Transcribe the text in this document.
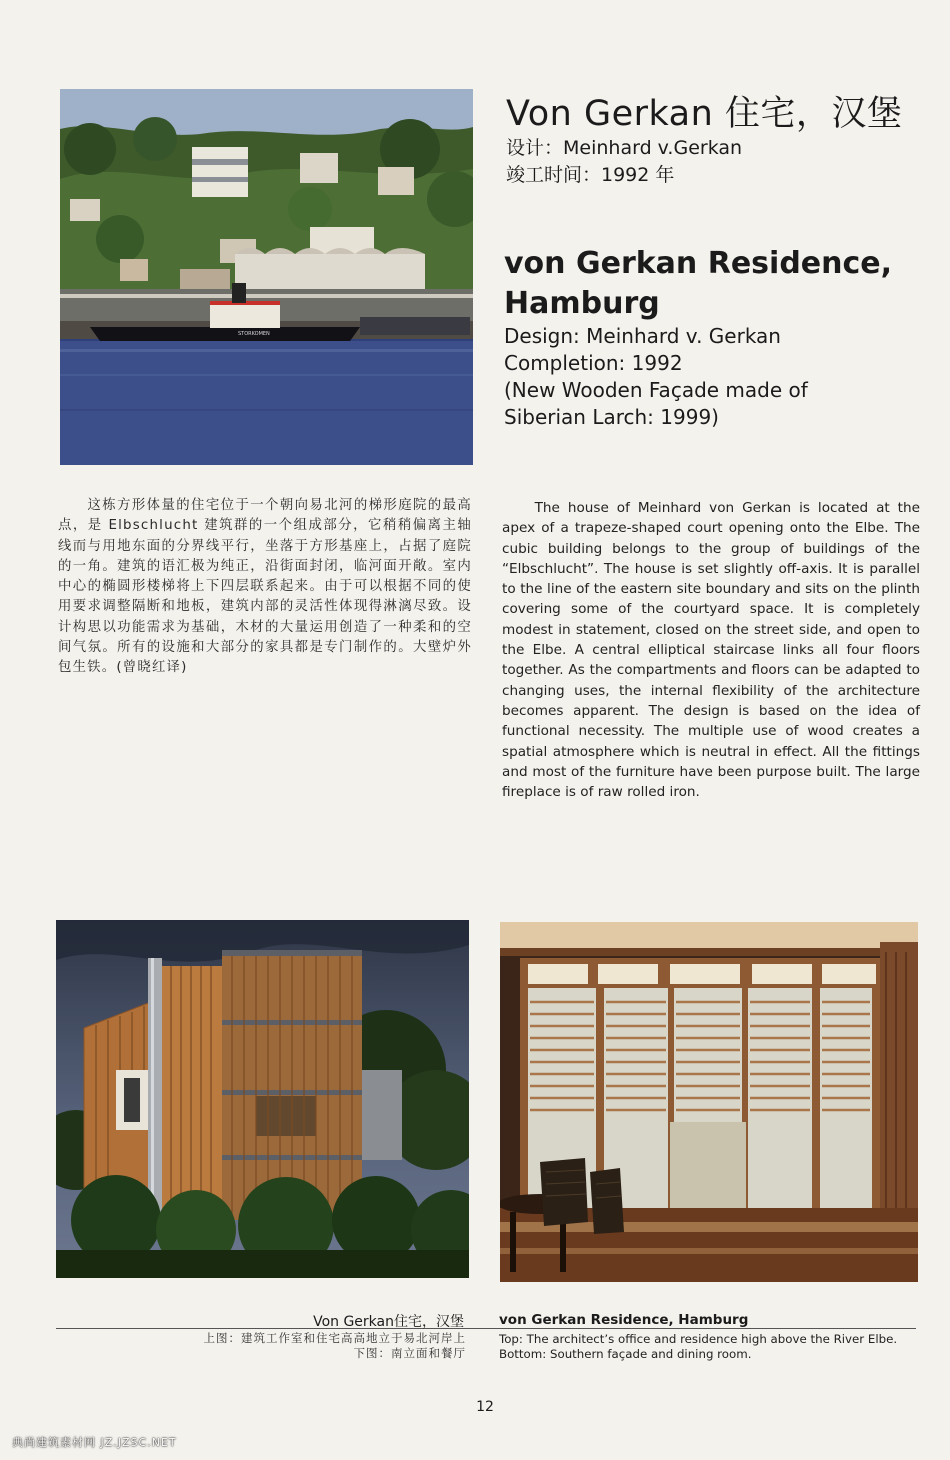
STORKOMEN
Von Gerkan 住宅，汉堡
设计：Meinhard v.Gerkan
竣工时间：1992 年
von Gerkan Residence,
Hamburg
Design: Meinhard v. Gerkan
Completion: 1992
(New Wooden Façade made of
Siberian Larch: 1999)

这栋方形体量的住宅位于一个朝向易北河的梯形庭院的最高点，是 Elbschlucht 建筑群的一个组成部分，它稍稍偏离主轴线而与用地东面的分界线平行，坐落于方形基座上，占据了庭院的一角。建筑的语汇极为纯正，沿街面封闭，临河面开敞。室内中心的椭圆形楼梯将上下四层联系起来。由于可以根据不同的使用要求调整隔断和地板，建筑内部的灵活性体现得淋漓尽致。设计构思以功能需求为基础，木材的大量运用创造了一种柔和的空间气氛。所有的设施和大部分的家具都是专门制作的。大壁炉外包生铁。(曾晓红译)

The house of Meinhard von Gerkan is located at the apex of a trapeze-shaped court opening onto the Elbe. The cubic building belongs to the group of buildings of the “Elbschlucht”. The house is set slightly off-axis. It is parallel to the line of the eastern site boundary and sits on the plinth covering some of the courtyard space. It is completely modest in statement, closed on the street side, and open to the Elbe. A central elliptical staircase links all four floors together. As the compartments and floors can be adapted to changing uses, the internal flexibility of the architecture becomes apparent. The design is based on the idea of functional necessity. The multiple use of wood creates a spatial atmosphere which is neutral in effect. All the fittings and most of the furniture have been purpose built. The large fireplace is of raw rolled iron.

Von Gerkan住宅，汉堡
上图：建筑工作室和住宅高高地立于易北河岸上
下图：南立面和餐厅
von Gerkan Residence, Hamburg
Top: The architect’s office and residence high above the River Elbe.
Bottom: Southern façade and dining room.
12
典尚建筑素材网 JZ.JZSC.NET
